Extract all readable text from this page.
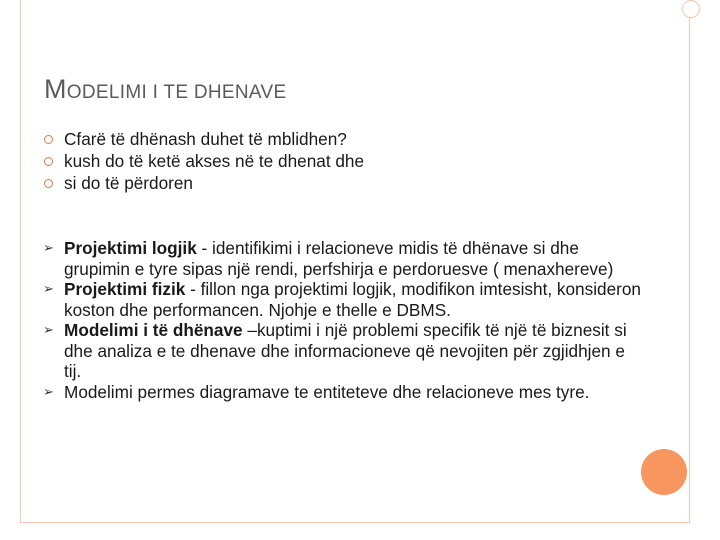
MODELIMI I TE DHENAVE
Cfarë të dhënash duhet të mblidhen?
kush do të ketë akses në te dhenat dhe
si do të përdoren
➢ Projektimi logjik - identifikimi i relacioneve midis të dhënave si dhe grupimin e tyre sipas një rendi, perfshirja e perdoruesve ( menaxhereve)
➢ Projektimi fizik - fillon nga projektimi logjik, modifikon imtesisht, konsideron koston dhe performancen. Njohje e thelle e DBMS.
➢ Modelimi i të dhënave –kuptimi i një problemi specifik të një të biznesit si dhe analiza e te dhenave dhe informacioneve që nevojiten për zgjidhjen e tij.
➢ Modelimi permes diagramave te entiteteve dhe relacioneve mes tyre.
